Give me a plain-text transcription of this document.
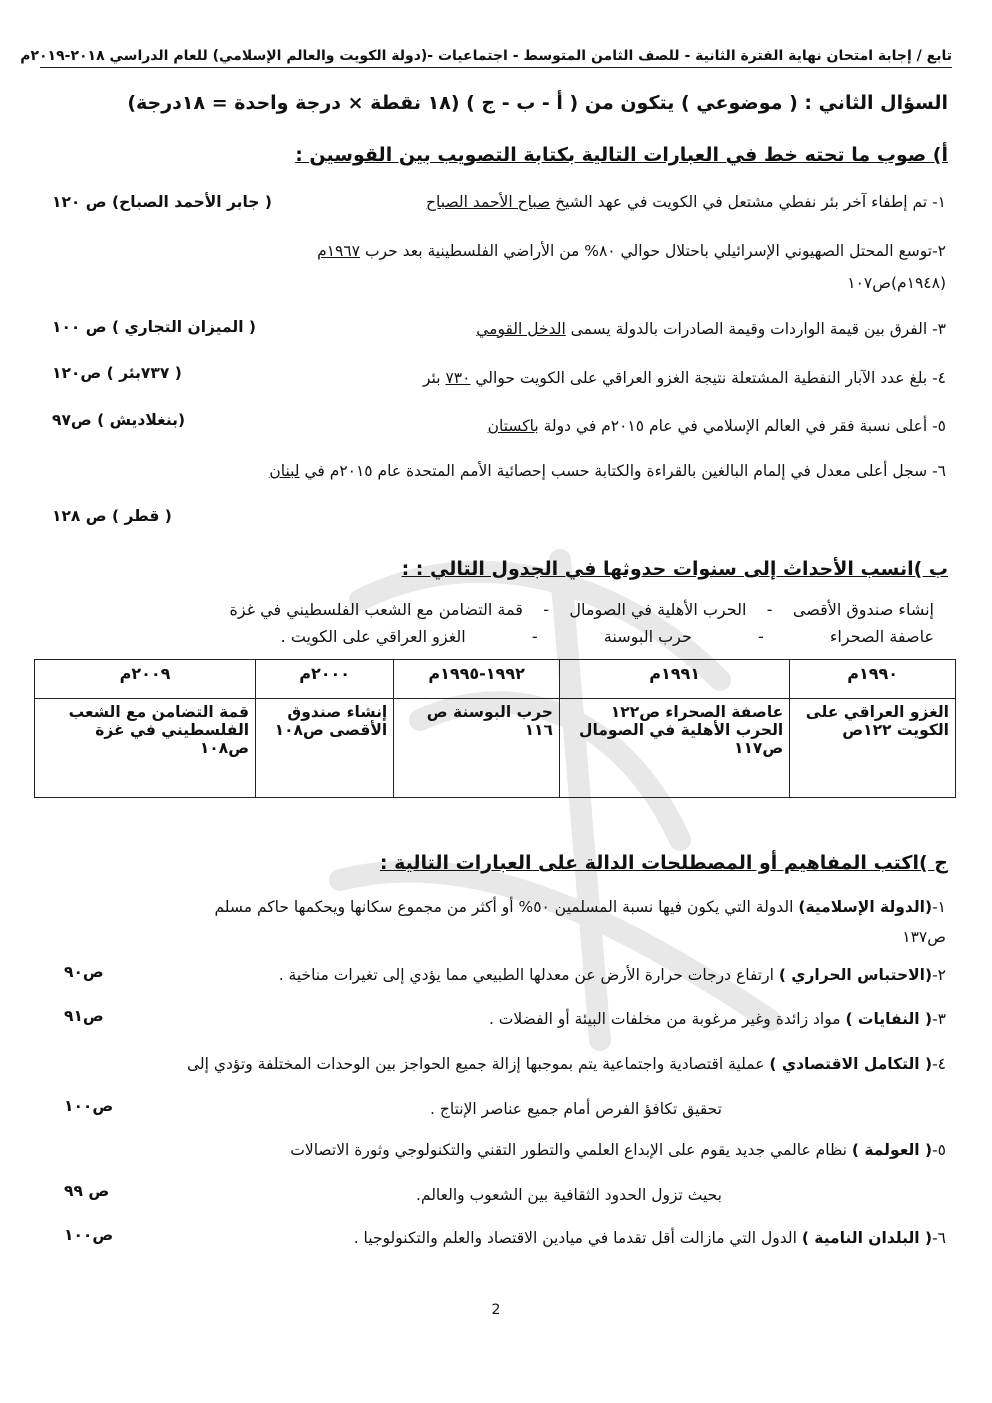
تابع / إجابة امتحان نهاية الفترة الثانية - للصف الثامن المتوسط - اجتماعيات -(دولة الكويت والعالم الإسلامي) للعام الدراسي ٢٠١٨-٢٠١٩م
السؤال الثاني : ( موضوعي ) يتكون من ( أ - ب - ج ) (١٨ نقطة × درجة واحدة = ١٨درجة)
أ) صوب ما تحته خط في العبارات التالية بكتابة التصويب بين القوسين :
١- تم إطفاء آخر بئر نفطي مشتعل في الكويت في عهد الشيخ صباح الأحمد الصباح
( جابر الأحمد الصباح) ص ١٢٠
٢-توسع المحتل الصهيوني الإسرائيلي باحتلال حوالي ٨٠% من الأراضي الفلسطينية بعد حرب ١٩٦٧م
(١٩٤٨م)ص١٠٧
٣- الفرق بين قيمة الواردات وقيمة الصادرات بالدولة يسمى الدخل القومي
( الميزان التجاري ) ص ١٠٠
٤- بلغ عدد الآبار النفطية المشتعلة نتيجة الغزو العراقي على الكويت حوالي ٧٣٠ بئر
( ٧٣٧بئر ) ص١٢٠
٥- أعلى نسبة فقر في العالم الإسلامي في عام ٢٠١٥م في دولة باكستان
(بنغلاديش ) ص٩٧
٦- سجل أعلى معدل في إلمام البالغين بالقراءة والكتابة حسب إحصائية الأمم المتحدة عام ٢٠١٥م في لبنان
( قطر ) ص ١٢٨
ب )انسب الأحداث إلى سنوات حدوثها في الجدول التالي : :
إنشاء صندوق الأقصى    -    الحرب الأهلية في الصومال    -    قمة التضامن مع الشعب الفلسطيني في غزة
عاصفة الصحراء             -             حرب البوسنة             -             الغزو العراقي على الكويت .
١٩٩٠م	١٩٩١م	١٩٩٢-١٩٩٥م	٢٠٠٠م	٢٠٠٩م
الغزو العراقي على الكويت ١٢٢ص	عاصفة الصحراء ص١٢٢ الحرب الأهلية في الصومال ص١١٧	حرب البوسنة ص ١١٦	إنشاء صندوق الأقصى ص١٠٨	قمة التضامن مع الشعب الفلسطيني في غزة ص١٠٨
ج )اكتب المفاهيم أو المصطلحات الدالة على العبارات التالية :
١-(الدولة الإسلامية) الدولة التي يكون فيها نسبة المسلمين ٥٠% أو أكثر من مجموع سكانها ويحكمها حاكم مسلم
ص١٣٧
٢-(الاحتباس الحراري ) ارتفاع درجات حرارة الأرض عن معدلها الطبيعي مما يؤدي إلى تغيرات مناخية .
ص٩٠
٣-( النفايات ) مواد زائدة وغير مرغوبة من مخلفات البيئة أو الفضلات .
ص٩١
٤-( التكامل الاقتصادي ) عملية اقتصادية واجتماعية يتم بموجبها إزالة جميع الحواجز بين الوحدات المختلفة وتؤدي إلى
تحقيق تكافؤ الفرص أمام جميع عناصر الإنتاج .
ص١٠٠
٥-( العولمة ) نظام عالمي جديد يقوم على الإبداع العلمي والتطور التقني والتكنولوجي وثورة الاتصالات
بحيث تزول الحدود الثقافية بين الشعوب والعالم.
ص ٩٩
٦-( البلدان النامية ) الدول التي مازالت أقل تقدما في ميادين الاقتصاد والعلم والتكنولوجيا .
ص١٠٠
2
